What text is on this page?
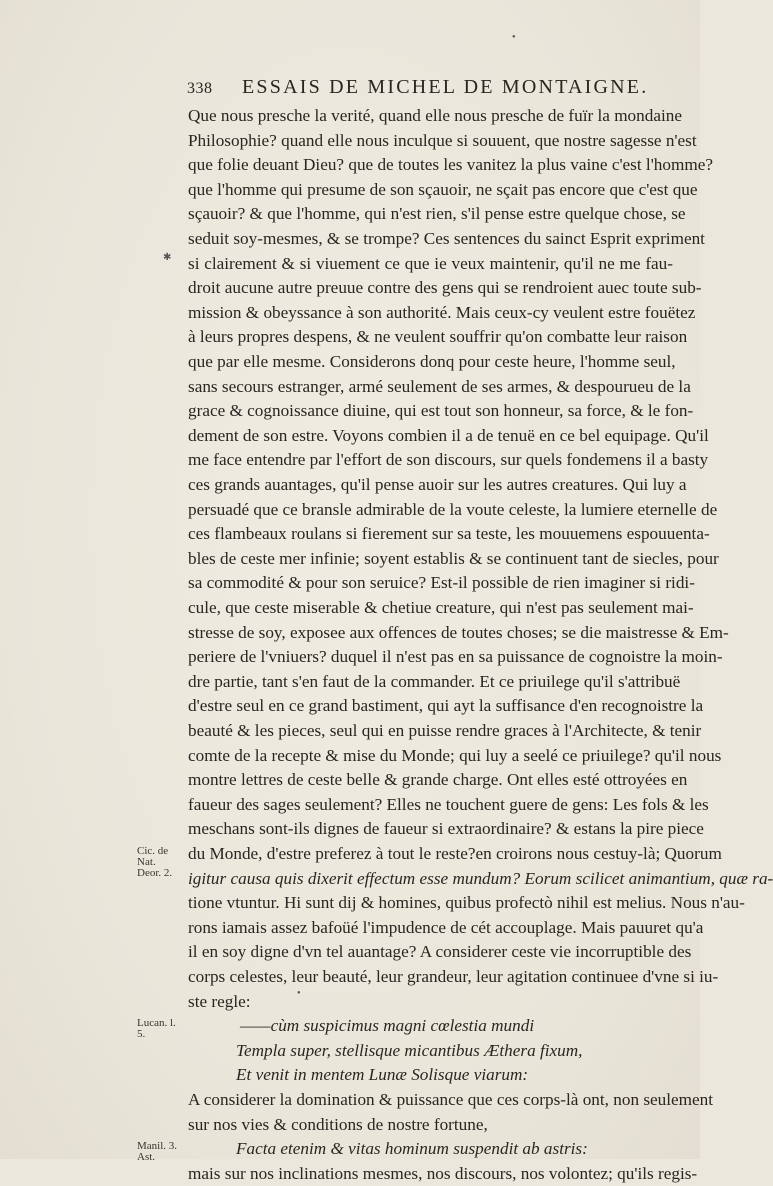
338 ESSAIS DE MICHEL DE MONTAIGNE.
Que nous presche la verité, quand elle nous presche de fuïr la mondaine
Philosophie? quand elle nous inculque si souuent, que nostre sagesse n'est
que folie deuant Dieu? que de toutes les vanitez la plus vaine c'est l'homme?
que l'homme qui presume de son sçauoir, ne sçait pas encore que c'est que
sçauoir? & que l'homme, qui n'est rien, s'il pense estre quelque chose, se
seduit soy-mesmes, & se trompe? Ces sentences du sainct Esprit expriment
si clairement & si viuement ce que ie veux maintenir, qu'il ne me fau-
droit aucune autre preuue contre des gens qui se rendroient auec toute sub-
mission & obeyssance à son authorité. Mais ceux-cy veulent estre fouëtez
à leurs propres despens, & ne veulent souffrir qu'on combatte leur raison
que par elle mesme. Considerons donq pour ceste heure, l'homme seul,
sans secours estranger, armé seulement de ses armes, & despourueu de la
grace & cognoissance diuine, qui est tout son honneur, sa force, & le fon-
dement de son estre. Voyons combien il a de tenuë en ce bel equipage. Qu'il
me face entendre par l'effort de son discours, sur quels fondemens il a basty
ces grands auantages, qu'il pense auoir sur les autres creatures. Qui luy a
persuadé que ce bransle admirable de la voute celeste, la lumiere eternelle de
ces flambeaux roulans si fierement sur sa teste, les mouuemens espouuenta-
bles de ceste mer infinie; soyent establis & se continuent tant de siecles, pour
sa commodité & pour son seruice? Est-il possible de rien imaginer si ridi-
cule, que ceste miserable & chetiue creature, qui n'est pas seulement mai-
stresse de soy, exposee aux offences de toutes choses; se die maistresse & Em-
periere de l'vniuers? duquel il n'est pas en sa puissance de cognoistre la moin-
dre partie, tant s'en faut de la commander. Et ce priuilege qu'il s'attribuë
d'estre seul en ce grand bastiment, qui ayt la suffisance d'en recognoistre la
beauté & les pieces, seul qui en puisse rendre graces à l'Architecte, & tenir
comte de la recepte & mise du Monde; qui luy a seelé ce priuilege? qu'il nous
montre lettres de ceste belle & grande charge. Ont elles esté ottroyées en
faueur des sages seulement? Elles ne touchent guere de gens: Les fols & les
meschans sont-ils dignes de faueur si extraordinaire? & estans la pire piece
du Monde, d'estre preferez à tout le reste?en croirons nous cestuy-là; Quorum
igitur causa quis dixerit effectum esse mundum? Eorum scilicet animantium, quæ ra-
tione vtuntur. Hi sunt dij & homines, quibus profectò nihil est melius. Nous n'au-
rons iamais assez bafoüé l'impudence de cét accouplage. Mais pauuret qu'a
il en soy digne d'vn tel auantage? A considerer ceste vie incorruptible des
corps celestes, leur beauté, leur grandeur, leur agitation continuee d'vne si iu-
ste regle:
——cùm suspicimus magni cœlestia mundi
Templa super, stellisque micantibus Æthera fixum,
Et venit in mentem Lunæ Solisque viarum:
A considerer la domination & puissance que ces corps-là ont, non seulement
sur nos vies & conditions de nostre fortune,
Facta etenim & vitas hominum suspendit ab astris:
mais sur nos inclinations mesmes, nos discours, nos volontez; qu'ils regis-
✱
●
●
Cic. de Nat. Deor. 2.
Lucan. l. 5.
Manil. 3. Ast.
